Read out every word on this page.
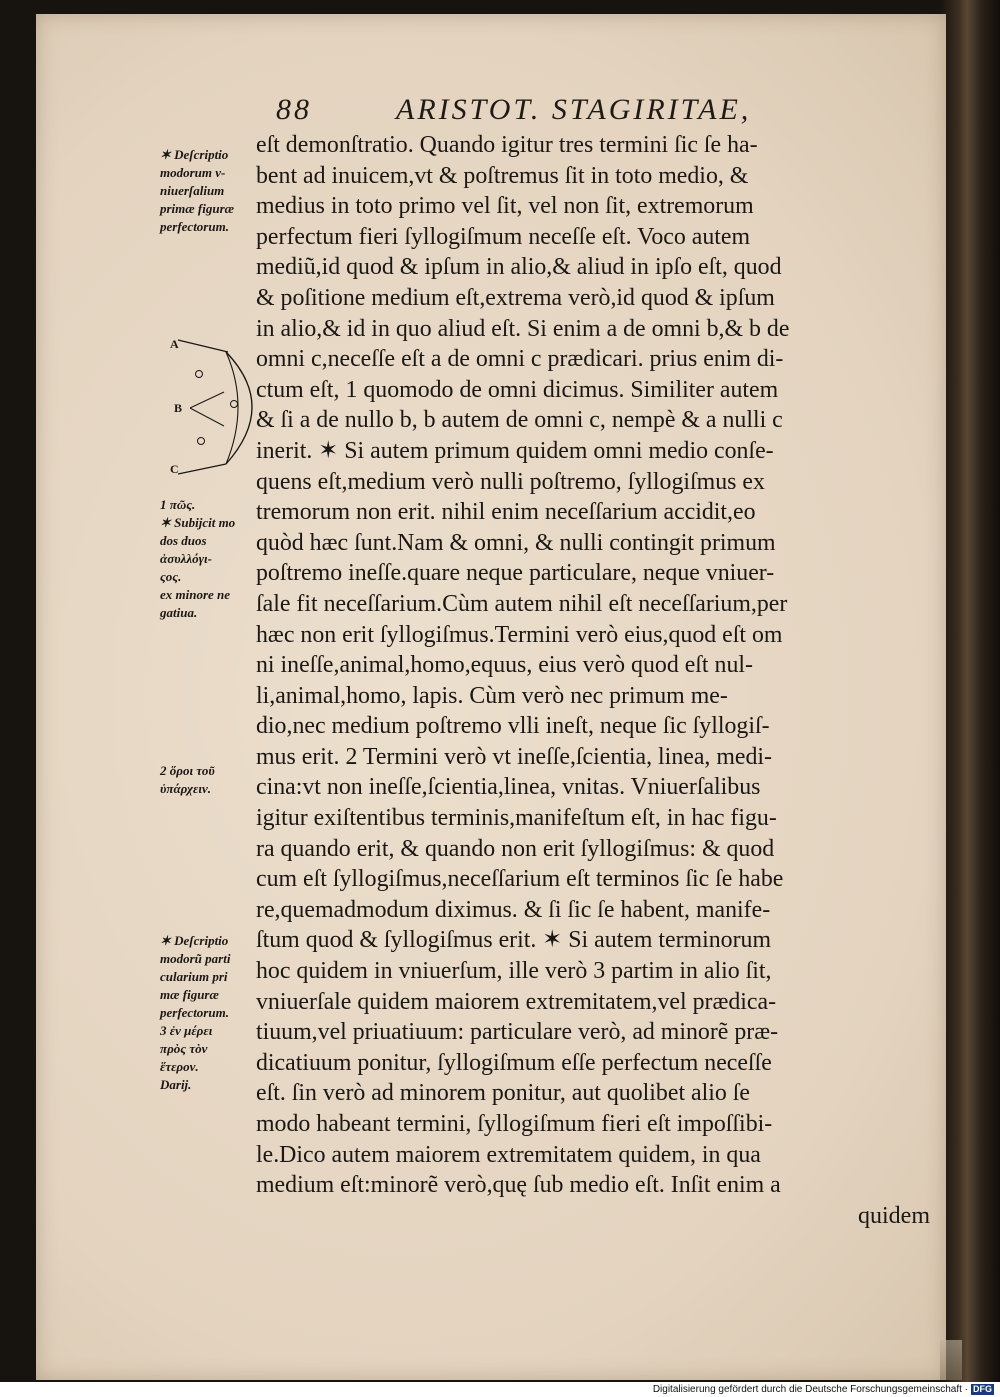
88	ARISTOT. STAGIRITAE,
eſt demonſtratio. Quando igitur tres termini ſic ſe ha-
bent ad inuicem,vt & poſtremus ſit in toto medio, &
medius in toto primo vel ſit, vel non ſit, extremorum
perfectum fieri ſyllogiſmum neceſſe eſt. Voco autem
mediũ,id quod & ipſum in alio,& aliud in ipſo eſt, quod
& poſitione medium eſt,extrema verò,id quod & ipſum
in alio,& id in quo aliud eſt. Si enim a de omni b,& b de
omni c,neceſſe eſt a de omni c prædicari. prius enim di-
ctum eſt, 1 quomodo de omni dicimus. Similiter autem
& ſi a de nullo b, b autem de omni c, nempè & a nulli c
inerit. ✶ Si autem primum quidem omni medio conſe-
quens eſt,medium verò nulli poſtremo, ſyllogiſmus ex
tremorum non erit. nihil enim neceſſarium accidit,eo
quòd hæc ſunt.Nam & omni, & nulli contingit primum
poſtremo ineſſe.quare neque particulare, neque vniuer-
ſale fit neceſſarium.Cùm autem nihil eſt neceſſarium,per
hæc non erit ſyllogiſmus.Termini verò eius,quod eſt om
ni ineſſe,animal,homo,equus, eius verò quod eſt nul-
li,animal,homo, lapis. Cùm verò nec primum me-
dio,nec medium poſtremo vlli ineſt, neque ſic ſyllogiſ-
mus erit. 2 Termini verò vt ineſſe,ſcientia, linea, medi-
cina:vt non ineſſe,ſcientia,linea, vnitas. Vniuerſalibus
igitur exiſtentibus terminis,manifeſtum eſt, in hac figu-
ra quando erit, & quando non erit ſyllogiſmus: & quod
cum eſt ſyllogiſmus,neceſſarium eſt terminos ſic ſe habe
re,quemadmodum diximus. & ſi ſic ſe habent, manife-
ſtum quod & ſyllogiſmus erit. ✶ Si autem terminorum
hoc quidem in vniuerſum, ille verò 3 partim in alio ſit,
vniuerſale quidem maiorem extremitatem,vel prædica-
tiuum,vel priuatiuum: particulare verò, ad minorẽ præ-
dicatiuum ponitur, ſyllogiſmum eſſe perfectum neceſſe
eſt. ſin verò ad minorem ponitur, aut quolibet alio ſe
modo habeant termini, ſyllogiſmum fieri eſt impoſſibi-
le.Dico autem maiorem extremitatem quidem, in qua
medium eſt:minorẽ verò,quę ſub medio eſt. Inſit enim a
quidem
✶ Deſcriptio
modorum v-
niuerſalium
primæ figuræ
perfectorum.
1 πῶς.
✶ Subijcit mo
dos duos
ἀσυλλόγι-
ςος.
ex minore ne
gatiua.
2 ὅροι τοῦ
ὑπάρχειν.
✶ Deſcriptio
modorũ parti
cularium pri
mæ figuræ
perfectorum.
3 ἐν μέρει
πρὸς τὸν
ἕτερον.
Darij.
A
B
C
Digitalisierung gefördert durch die Deutsche Forschungsgemeinschaft · DFG
